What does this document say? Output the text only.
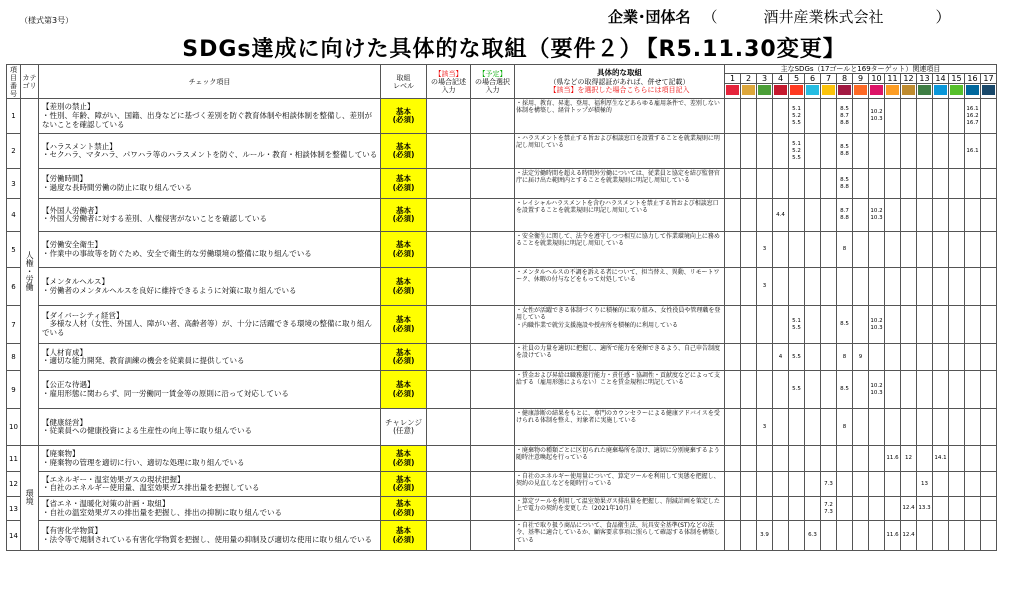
（様式第3号）	企業･団体名 （	酒井産業株式会社	）
SDGs達成に向けた具体的な取組（要件２） 【R5.11.30変更】
項目番号	カテゴリ	チェック項目	取組
レベル	【該当】
の場合記述入力	【予定】
の場合選択入力	具体的な取組
（県などの取得認証があれば、併せて記載）
【該当】を選択した場合こちらには項目記入	主なSDGs（17ゴールと169ターゲット）関連項目																
							1	2	3	4	5	6	7	8	9	10	11	12	13	14	15	16	17

1	人権・労働	【差別の禁止】
・性別、年齢、障がい、国籍、出身などに基づく差別を防ぐ教育体制や相談体制を整備し、差別がないことを確認している	基本
(必須)			・採用、教育、昇進、登用、福利厚生などあらゆる雇用条件で、差別しない体制を構築し、経営トップが積極的					5.1
5.2
5.5			8.5
8.7
8.8		10.2
10.3						16.1
16.2
16.7	
2		【ハラスメント禁止】
・セクハラ、マタハラ、パワハラ等のハラスメントを防ぐ、ルール・教育・相談体制を整備している	基本
(必須)			・ハラスメントを禁止する旨および相談窓口を設置することを就業規則に明記し周知している					5.1
5.2
5.5			8.5
8.8								16.1	
3		【労働時間】
・過度な長時間労働の防止に取り組んでいる	基本
(必須)			・法定労働時間を超える時間外労働については、従業員と協定を結び監督官庁に届け出た範囲内とすることを就業規則に明記し周知している								8.5
8.8									
4		【外国人労働者】
・外国人労働者に対する差別、人権侵害がないことを確認している	基本
(必須)			・レイシャルハラスメントを含むハラスメントを禁止する旨および相談窓口を設置することを就業規則に明記し周知している				4.4				8.7
8.8		10.2
10.3							
5		【労働安全衛生】
・作業中の事故等を防ぐため、安全で衛生的な労働環境の整備に取り組んでいる	基本
(必須)			・安全衛生に関して、法令を遵守しつつ相互に協力して作業環境向上に務めることを就業規則に明記し周知している			3					8									
6		【メンタルヘルス】
・労働者のメンタルヘルスを良好に維持できるように対策に取り組んでいる	基本
(必須)			・メンタルヘルスの不調を訴える者について、担当替え、異動、リモートワーク、休暇の付与などをもって対処している			3														
7		【ダイバーシティ経営】
　多様な人材（女性、外国人、障がい者、高齢者等）が、十分に活躍できる環境の整備に取り組んでいる	基本
(必須)			・女性が活躍できる体制づくりに積極的に取り組み、女性役員や管理職を登用している
・内職作業で就労支援施設や授産所を積極的に利用している					5.1
5.5			8.5		10.2
10.3							
8		【人材育成】
・適切な能力開発、教育訓練の機会を従業員に提供している	基本
(必須)			・社員の力量を適切に把握し、適所で能力を発揮できるよう、自己申告制度を設けている				4	5.5			8	9								
9		【公正な待遇】
・雇用形態に関わらず、同一労働同一賃金等の原則に沿って対応している	基本
(必須)			・賃金および昇給は職務遂行能力・責任感・協調性・貢献度などによって支給する（雇用形態によらない）ことを賃金規程に明記している					5.5			8.5		10.2
10.3							
10		【健康経営】
・従業員への健康投資による生産性の向上等に取り組んでいる	チャレンジ
(任意)			・健康診断の結果をもとに、専門のカウンセラーによる健康アドバイスを受けられる体制を整え、対象者に実施している			3					8									
11	環境	【廃棄物】
・廃棄物の管理を適切に行い、適切な処理に取り組んでいる	基本
(必須)			・廃棄物の種類ごとに区切られた廃棄場所を設け、適切に分別廃棄するよう随時注意喚起を行っている											11.6	12		14.1			
12		【エネルギー・温室効果ガスの現状把握】
・自社のエネルギー使用量、温室効果ガス排出量を把握している	基本
(必須)			・自社のエネルギー使用量について、算定ツールを利用して実態を把握し、契約の見直しなどを随時行っている							7.3						13				
13		【省エネ・温暖化対策の計画・取組】
・自社の温室効果ガスの排出量を把握し、排出の抑制に取り組んでいる	基本
(必須)			・算定ツールを利用して温室効果ガス排出量を把握し、削減計画を策定した上で電力の契約を変更した（2021年10月）							7.2
7.3					12.4	13.3				
14		【有害化学物質】
・法令等で規制されている有害化学物質を把握し、使用量の抑制及び適切な使用に取り組んでいる	基本
(必須)			・自社で取り扱う商品について、食品衛生法、玩具安全基準(ST)などの法令、基準に適合しているか、顧客要求事項に照らして確認する体制を構築している			3.9			6.3					11.6	12.4					
